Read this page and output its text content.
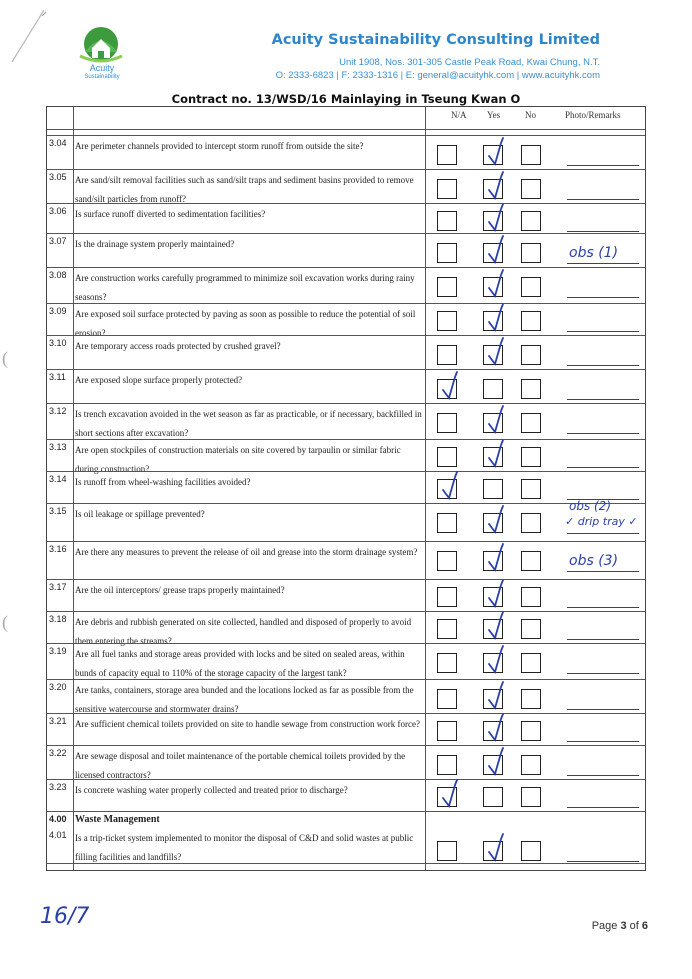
Acuity
Sustainability
Acuity Sustainability Consulting Limited
Unit 1908, Nos. 301-305 Castle Peak Road, Kwai Chung, N.T.
O: 2333-6823 | F: 2333-1316 | E: general@acuityhk.com | www.acuityhk.com
Contract no. 13/WSD/16 Mainlaying in Tseung Kwan O
N/A Yes	No	Photo/Remarks
3.04 Are perimeter channels provided to intercept storm runoff from outside the site?
3.05 Are sand/silt removal facilities such as sand/silt traps and sediment basins provided to remove sand/silt particles from runoff?
3.06 Is surface runoff diverted to sedimentation facilities?
3.07 Is the drainage system properly maintained?
obs (1)
3.08 Are construction works carefully programmed to minimize soil excavation works during rainy seasons?
3.09 Are exposed soil surface protected by paving as soon as possible to reduce the potential of soil erosion?
3.10 Are temporary access roads protected by crushed gravel?
3.11 Are exposed slope surface properly protected?
3.12 Is trench excavation avoided in the wet season as far as practicable, or if necessary, backfilled in short sections after excavation?
3.13 Are open stockpiles of construction materials on site covered by tarpaulin or similar fabric during construction?
3.14 Is runoff from wheel-washing facilities avoided?
3.15 Is oil leakage or spillage prevented?
obs (2)
✓ drip tray ✓
3.16 Are there any measures to prevent the release of oil and grease into the storm drainage system?
obs (3)
3.17 Are the oil interceptors/ grease traps properly maintained?
3.18 Are debris and rubbish generated on site collected, handled and disposed of properly to avoid them entering the streams?
3.19 Are all fuel tanks and storage areas provided with locks and be sited on sealed areas, within bunds of capacity equal to 110% of the storage capacity of the largest tank?
3.20 Are tanks, containers, storage area bunded and the locations locked as far as possible from the sensitive watercourse and stormwater drains?
3.21 Are sufficient chemical toilets provided on site to handle sewage from construction work force?
3.22 Are sewage disposal and toilet maintenance of the portable chemical toilets provided by the licensed contractors?
3.23 Is concrete washing water properly collected and treated prior to discharge?
4.00 Waste Management
4.01 Is a trip-ticket system implemented to monitor the disposal of C&D and solid wastes at public filling facilities and landfills?
(
(
16/7	Page 3 of 6
